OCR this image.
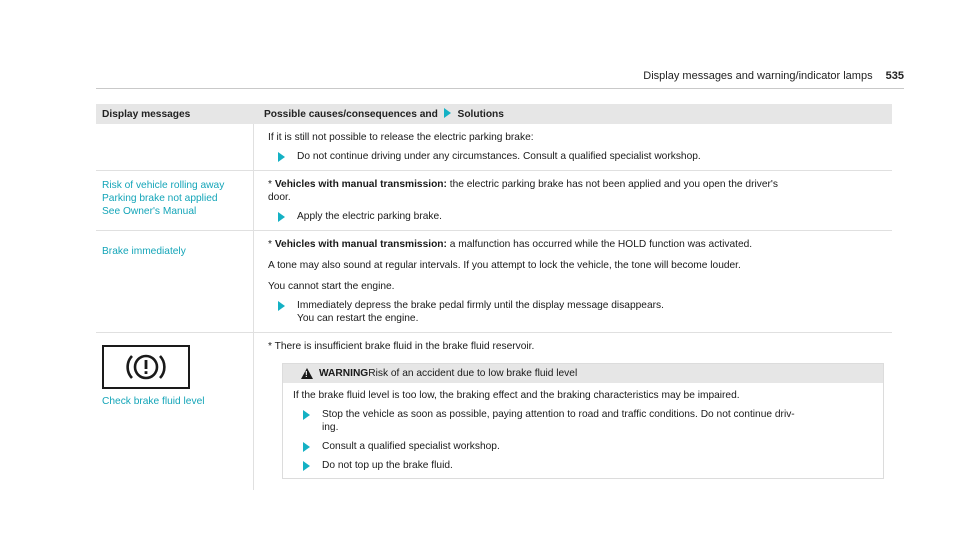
Display messages and warning/indicator lamps 535
Display messages	Possible causes/consequences and Solutions
If it is still not possible to release the electric parking brake:
Do not continue driving under any circumstances. Consult a qualified specialist workshop.
Risk of vehicle rolling away
Parking brake not applied
See Owner's Manual
* Vehicles with manual transmission: the electric parking brake has not been applied and you open the driver's
door.
Apply the electric parking brake.
Brake immediately
* Vehicles with manual transmission: a malfunction has occurred while the HOLD function was activated.
A tone may also sound at regular intervals. If you attempt to lock the vehicle, the tone will become louder.
You cannot start the engine.
Immediately depress the brake pedal firmly until the display message disappears.
You can restart the engine.
Check brake fluid level
* There is insufficient brake fluid in the brake fluid reservoir.
!
WARNING Risk of an accident due to low brake fluid level
If the brake fluid level is too low, the braking effect and the braking characteristics may be impaired.
Stop the vehicle as soon as possible, paying attention to road and traffic conditions. Do not continue driv-
ing.
Consult a qualified specialist workshop.
Do not top up the brake fluid.
